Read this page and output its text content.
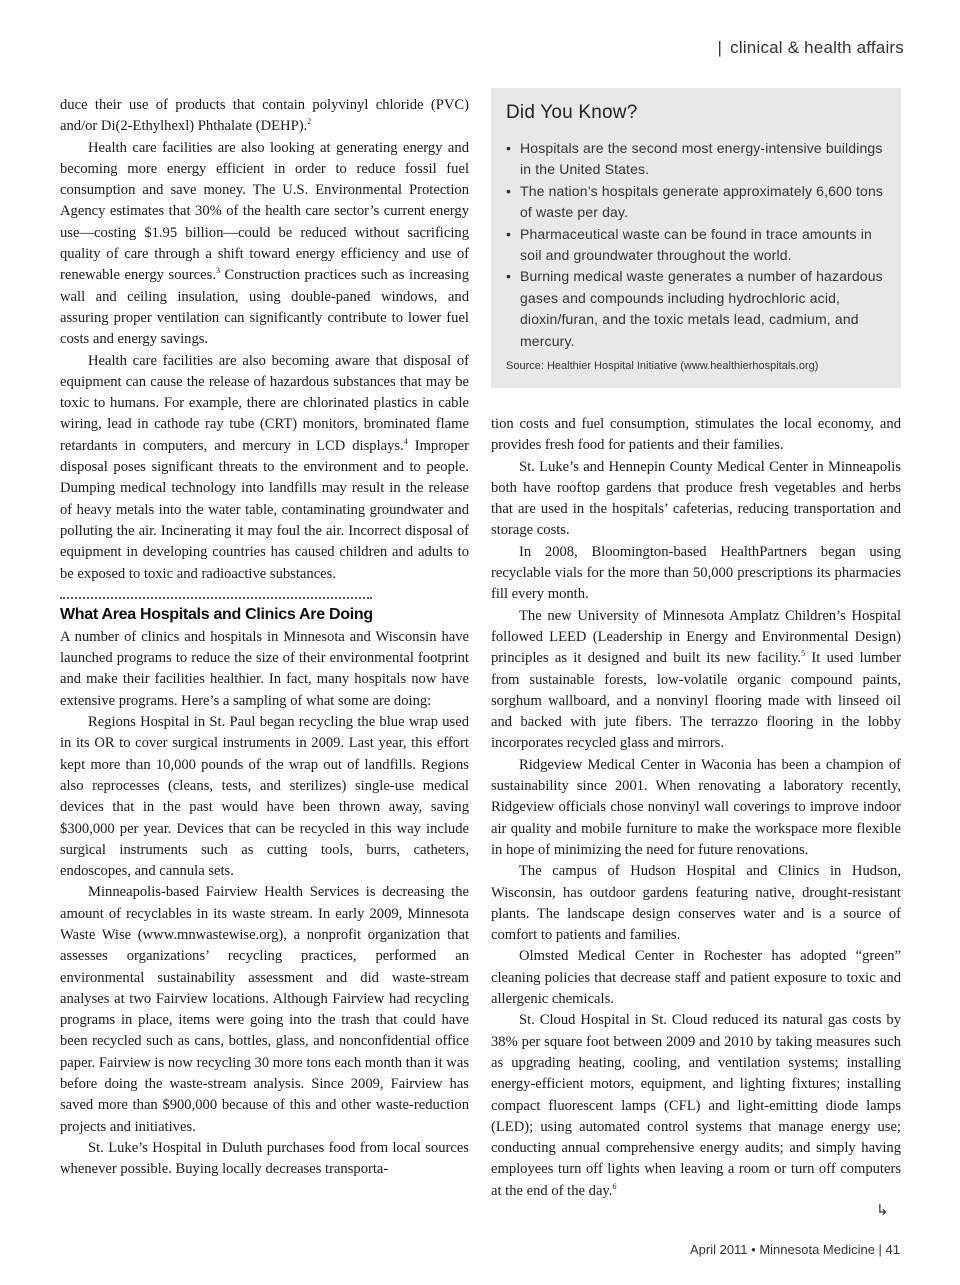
| clinical & health affairs

duce their use of products that contain polyvinyl chloride (PVC) and/or Di(2-Ethylhexl) Phthalate (DEHP).$^2$

Health care facilities are also looking at generating energy and becoming more energy efficient in order to reduce fossil fuel consumption and save money. The U.S. Environmental Protection Agency estimates that 30% of the health care sector’s current energy use—costing $1.95 billion—could be reduced without sacrificing quality of care through a shift toward energy efficiency and use of renewable energy sources.$^3$ Construction practices such as increasing wall and ceiling insulation, using double-paned windows, and assuring proper ventilation can significantly contribute to lower fuel costs and energy savings.

Health care facilities are also becoming aware that disposal of equipment can cause the release of hazardous substances that may be toxic to humans. For example, there are chlorinated plastics in cable wiring, lead in cathode ray tube (CRT) monitors, brominated flame retardants in computers, and mercury in LCD displays.$^4$ Improper disposal poses significant threats to the environment and to people. Dumping medical technology into landfills may result in the release of heavy metals into the water table, contaminating groundwater and polluting the air. Incinerating it may foul the air. Incorrect disposal of equipment in developing countries has caused children and adults to be exposed to toxic and radioactive substances.

What Area Hospitals and Clinics Are Doing

A number of clinics and hospitals in Minnesota and Wisconsin have launched programs to reduce the size of their environmental footprint and make their facilities healthier. In fact, many hospitals now have extensive programs. Here’s a sampling of what some are doing:

Regions Hospital in St. Paul began recycling the blue wrap used in its OR to cover surgical instruments in 2009. Last year, this effort kept more than 10,000 pounds of the wrap out of landfills. Regions also reprocesses (cleans, tests, and sterilizes) single-use medical devices that in the past would have been thrown away, saving $300,000 per year. Devices that can be recycled in this way include surgical instruments such as cutting tools, burrs, catheters, endoscopes, and cannula sets.

Minneapolis-based Fairview Health Services is decreasing the amount of recyclables in its waste stream. In early 2009, Minnesota Waste Wise (www.mnwastewise.org), a nonprofit organization that assesses organizations’ recycling practices, performed an environmental sustainability assessment and did waste-stream analyses at two Fairview locations. Although Fairview had recycling programs in place, items were going into the trash that could have been recycled such as cans, bottles, glass, and nonconfidential office paper. Fairview is now recycling 30 more tons each month than it was before doing the waste-stream analysis. Since 2009, Fairview has saved more than $900,000 because of this and other waste-reduction projects and initiatives.

St. Luke’s Hospital in Duluth purchases food from local sources whenever possible. Buying locally decreases transporta-

Did You Know?
• Hospitals are the second most energy-intensive buildings in the United States.
• The nation’s hospitals generate approximately 6,600 tons of waste per day.
• Pharmaceutical waste can be found in trace amounts in soil and groundwater throughout the world.
• Burning medical waste generates a number of hazardous gases and compounds including hydrochloric acid, dioxin/furan, and the toxic metals lead, cadmium, and mercury.
Source: Healthier Hospital Initiative (www.healthierhospitals.org)

tion costs and fuel consumption, stimulates the local economy, and provides fresh food for patients and their families.

St. Luke’s and Hennepin County Medical Center in Minneapolis both have rooftop gardens that produce fresh vegetables and herbs that are used in the hospitals’ cafeterias, reducing transportation and storage costs.

In 2008, Bloomington-based HealthPartners began using recyclable vials for the more than 50,000 prescriptions its pharmacies fill every month.

The new University of Minnesota Amplatz Children’s Hospital followed LEED (Leadership in Energy and Environmental Design) principles as it designed and built its new facility.$^5$ It used lumber from sustainable forests, low-volatile organic compound paints, sorghum wallboard, and a nonvinyl flooring made with linseed oil and backed with jute fibers. The terrazzo flooring in the lobby incorporates recycled glass and mirrors.

Ridgeview Medical Center in Waconia has been a champion of sustainability since 2001. When renovating a laboratory recently, Ridgeview officials chose nonvinyl wall coverings to improve indoor air quality and mobile furniture to make the workspace more flexible in hope of minimizing the need for future renovations.

The campus of Hudson Hospital and Clinics in Hudson, Wisconsin, has outdoor gardens featuring native, drought-resistant plants. The landscape design conserves water and is a source of comfort to patients and families.

Olmsted Medical Center in Rochester has adopted “green” cleaning policies that decrease staff and patient exposure to toxic and allergenic chemicals.

St. Cloud Hospital in St. Cloud reduced its natural gas costs by 38% per square foot between 2009 and 2010 by taking measures such as upgrading heating, cooling, and ventilation systems; installing energy-efficient motors, equipment, and lighting fixtures; installing compact fluorescent lamps (CFL) and light-emitting diode lamps (LED); using automated control systems that manage energy use; conducting annual comprehensive energy audits; and simply having employees turn off lights when leaving a room or turn off computers at the end of the day.$^6$

↳
April 2011 • Minnesota Medicine | 41
